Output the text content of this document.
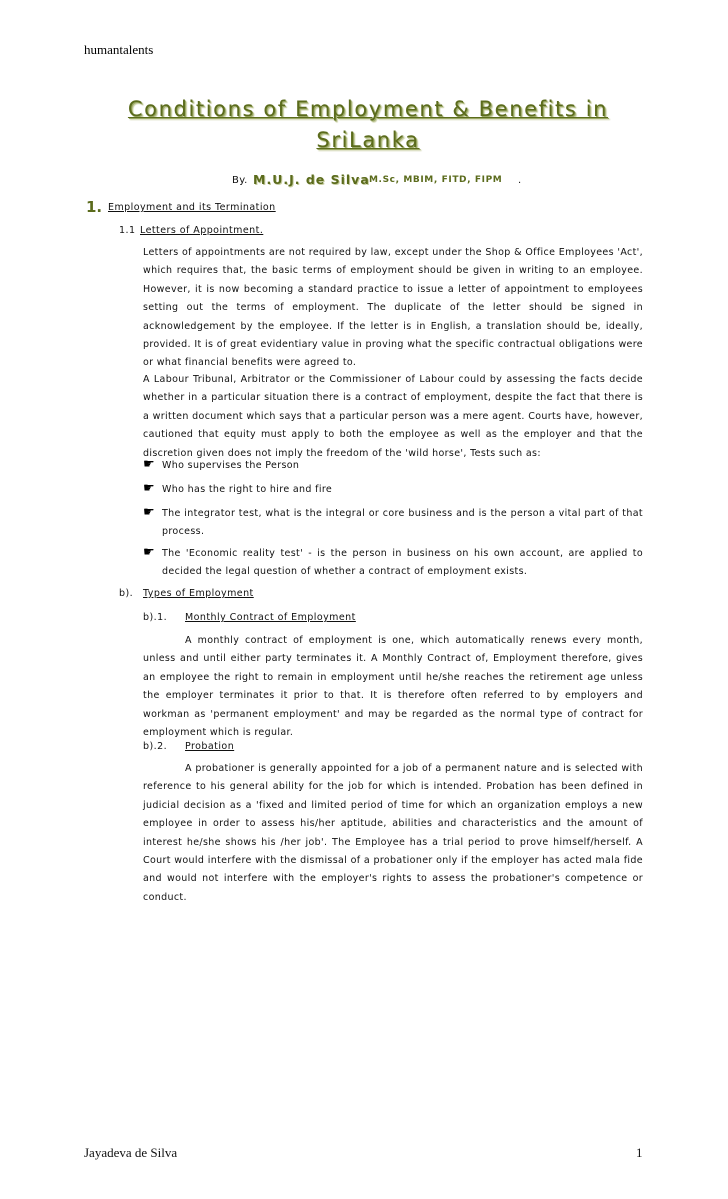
humantalents
Conditions of Employment & Benefits in
SriLanka
By. M.U.J. de Silva M.Sc, MBIM, FITD, FIPM .
1. Employment and its Termination
1.1 Letters of Appointment.
Letters of appointments are not required by law, except under the Shop & Office Employees 'Act', which requires that, the basic terms of employment should be given in writing to an employee. However, it is now becoming a standard practice to issue a letter of appointment to employees setting out the terms of employment. The duplicate of the letter should be signed in acknowledgement by the employee. If the letter is in English, a translation should be, ideally, provided. It is of great evidentiary value in proving what the specific contractual obligations were or what financial benefits were agreed to.
A Labour Tribunal, Arbitrator or the Commissioner of Labour could by assessing the facts decide whether in a particular situation there is a contract of employment, despite the fact that there is a written document which says that a particular person was a mere agent. Courts have, however, cautioned that equity must apply to both the employee as well as the employer and that the discretion given does not imply the freedom of the 'wild horse', Tests such as:
☛ Who supervises the Person
☛ Who has the right to hire and fire
☛ The integrator test, what is the integral or core business and is the person a vital part of that process.
☛ The 'Economic reality test' - is the person in business on his own account, are applied to decided the legal question of whether a contract of employment exists.
b). Types of Employment
b).1. Monthly Contract of Employment
A monthly contract of employment is one, which automatically renews every month, unless and until either party terminates it. A Monthly Contract of, Employment therefore, gives an employee the right to remain in employment until he/she reaches the retirement age unless the employer terminates it prior to that. It is therefore often referred to by employers and workman as 'permanent employment' and may be regarded as the normal type of contract for employment which is regular.
b).2. Probation
A probationer is generally appointed for a job of a permanent nature and is selected with reference to his general ability for the job for which is intended. Probation has been defined in judicial decision as a 'fixed and limited period of time for which an organization employs a new employee in order to assess his/her aptitude, abilities and characteristics and the amount of interest he/she shows his /her job'. The Employee has a trial period to prove himself/herself. A Court would interfere with the dismissal of a probationer only if the employer has acted mala fide and would not interfere with the employer's rights to assess the probationer's competence or conduct.
Jayadeva de Silva	1
